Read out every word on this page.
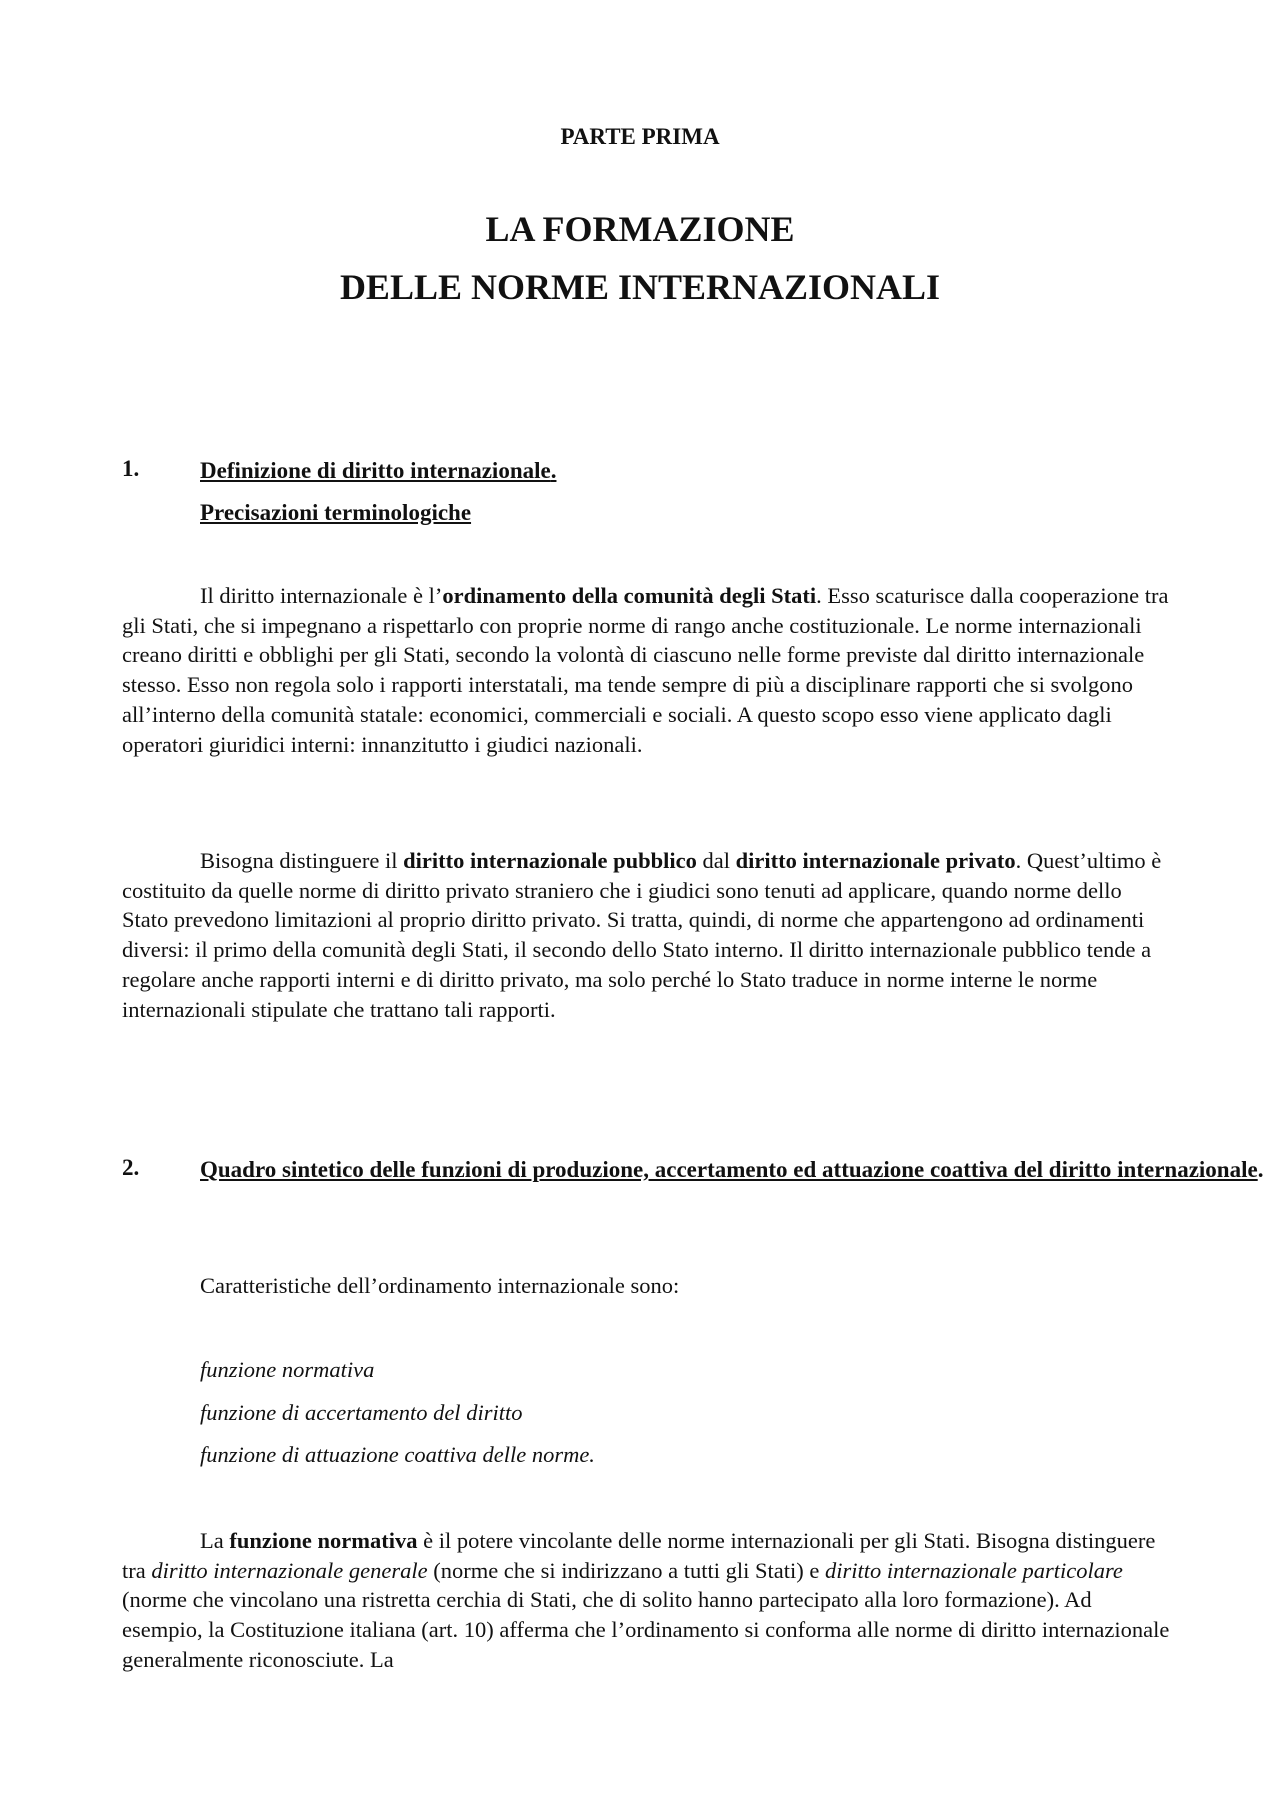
PARTE PRIMA
LA FORMAZIONE
DELLE NORME INTERNAZIONALI
1.	Definizione di diritto internazionale.
Precisazioni terminologiche

Il diritto internazionale è l’ordinamento della comunità degli Stati. Esso scaturisce dalla cooperazione tra gli Stati, che si impegnano a rispettarlo con proprie norme di rango anche costituzionale. Le norme internazionali creano diritti e obblighi per gli Stati, secondo la volontà di ciascuno nelle forme previste dal diritto internazionale stesso. Esso non regola solo i rapporti interstatali, ma tende sempre di più a disciplinare rapporti che si svolgono all’interno della comunità statale: economici, commerciali e sociali. A questo scopo esso viene applicato dagli operatori giuridici interni: innanzitutto i giudici nazionali.

Bisogna distinguere il diritto internazionale pubblico dal diritto internazionale privato. Quest’ultimo è costituito da quelle norme di diritto privato straniero che i giudici sono tenuti ad applicare, quando norme dello Stato prevedono limitazioni al proprio diritto privato. Si tratta, quindi, di norme che appartengono ad ordinamenti diversi: il primo della comunità degli Stati, il secondo dello Stato interno. Il diritto internazionale pubblico tende a regolare anche rapporti interni e di diritto privato, ma solo perché lo Stato traduce in norme interne le norme internazionali stipulate che trattano tali rapporti.

2.	Quadro sintetico delle funzioni di produzione, accertamento ed attuazione coattiva del diritto internazionale.
Caratteristiche dell’ordinamento internazionale sono:
funzione normativa
funzione di accertamento del diritto
funzione di attuazione coattiva delle norme.

La funzione normativa è il potere vincolante delle norme internazionali per gli Stati. Bisogna distinguere tra diritto internazionale generale (norme che si indirizzano a tutti gli Stati) e diritto internazionale particolare (norme che vincolano una ristretta cerchia di Stati, che di solito hanno partecipato alla loro formazione). Ad esempio, la Costituzione italiana (art. 10) afferma che l’ordinamento si conforma alle norme di diritto internazionale generalmente riconosciute. La
